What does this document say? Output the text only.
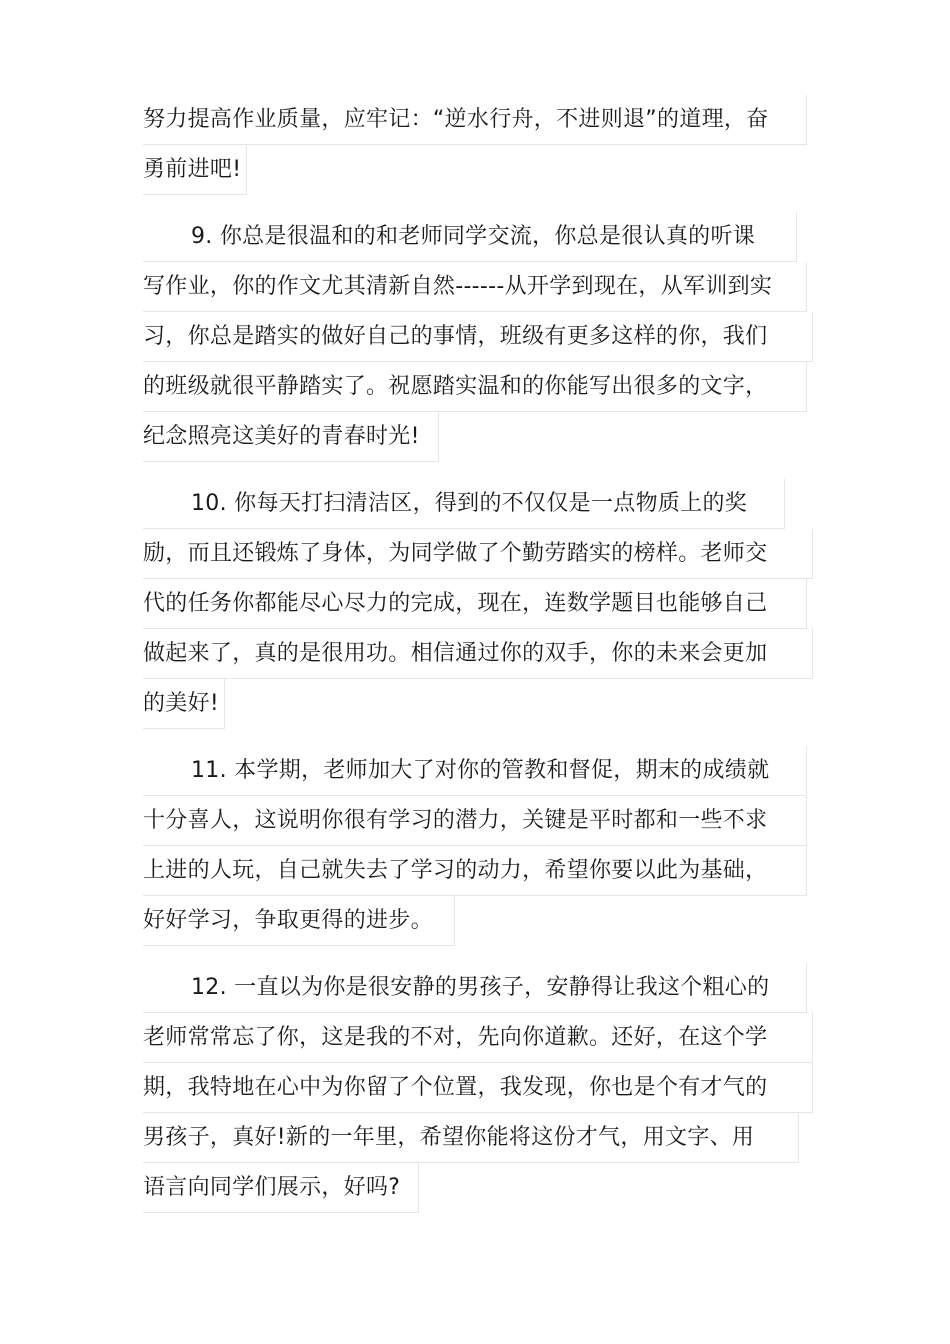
努力提高作业质量，应牢记：“逆水行舟，不进则退”的道理，奋
勇前进吧!
9. 你总是很温和的和老师同学交流，你总是很认真的听课
写作业，你的作文尤其清新自然------从开学到现在，从军训到实
习，你总是踏实的做好自己的事情，班级有更多这样的你，我们
的班级就很平静踏实了。祝愿踏实温和的你能写出很多的文字，
纪念照亮这美好的青春时光!
10. 你每天打扫清洁区，得到的不仅仅是一点物质上的奖
励，而且还锻炼了身体，为同学做了个勤劳踏实的榜样。老师交
代的任务你都能尽心尽力的完成，现在，连数学题目也能够自己
做起来了，真的是很用功。相信通过你的双手，你的未来会更加
的美好!
11. 本学期，老师加大了对你的管教和督促，期末的成绩就
十分喜人，这说明你很有学习的潜力，关键是平时都和一些不求
上进的人玩，自己就失去了学习的动力，希望你要以此为基础，
好好学习，争取更得的进步。
12. 一直以为你是很安静的男孩子，安静得让我这个粗心的
老师常常忘了你，这是我的不对，先向你道歉。还好，在这个学
期，我特地在心中为你留了个位置，我发现，你也是个有才气的
男孩子，真好!新的一年里，希望你能将这份才气，用文字、用
语言向同学们展示，好吗?
